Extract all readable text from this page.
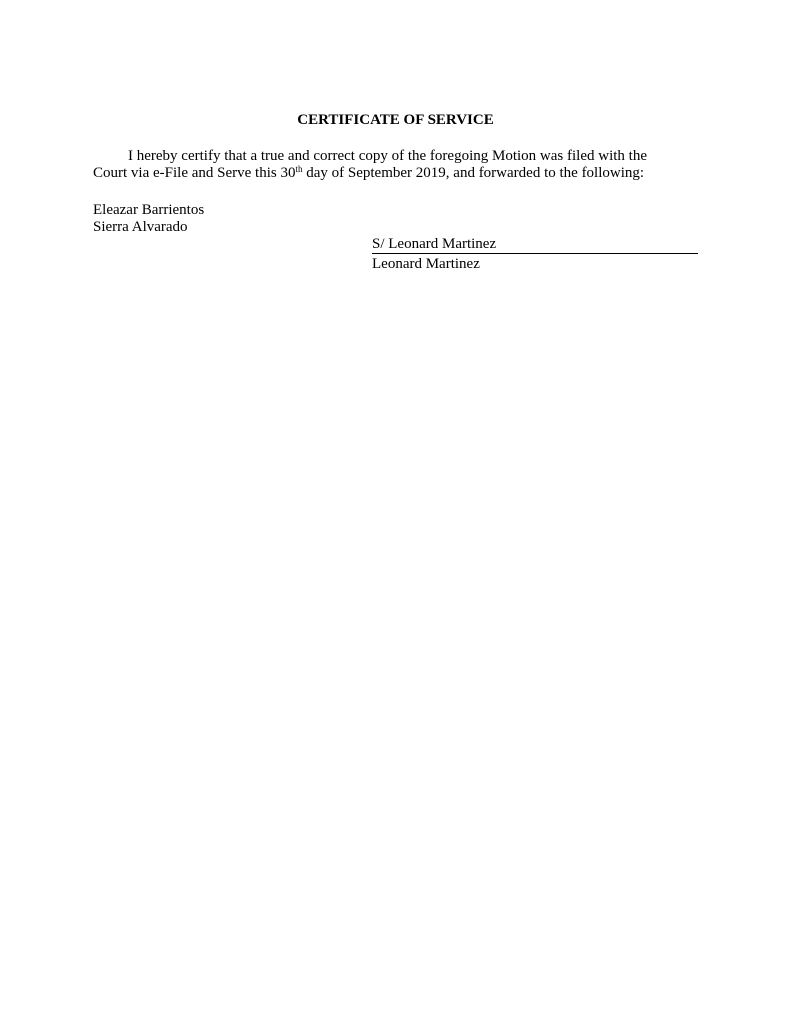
CERTIFICATE OF SERVICE
I hereby certify that a true and correct copy of the foregoing Motion was filed with the
Court via e-File and Serve this 30th day of September 2019, and forwarded to the following:
Eleazar Barrientos
Sierra Alvarado
S/ Leonard Martinez
Leonard Martinez
